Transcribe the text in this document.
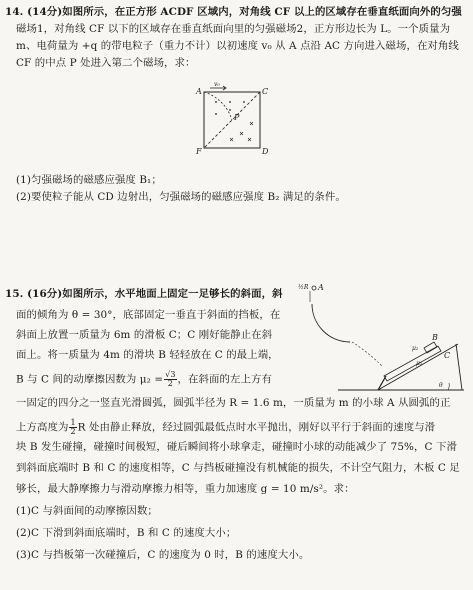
14. (14分)如图所示，在正方形 ACDF 区域内，对角线 CF 以上的区域存在垂直纸面向外的匀强
磁场1，对角线 CF 以下的区域存在垂直纸面向里的匀强磁场2，正方形边长为 L。一个质量为
m、电荷量为 +q 的带电粒子（重力不计）以初速度 v₀ 从 A 点沿 AC 方向进入磁场，在对角线
CF 的中点 P 处进入第二个磁场，求：
A	C
F	D
P
v₀
(1)匀强磁场的磁感应强度 B₁；
(2)要使粒子能从 CD 边射出，匀强磁场的磁感应强度 B₂ 满足的条件。
15. (16分)如图所示，水平地面上固定一足够长的斜面，斜
面的倾角为 θ = 30°，底部固定一垂直于斜面的挡板，在
斜面上放置一质量为 6m 的滑板 C；C 刚好能静止在斜
面上。将一质量为 4m 的滑块 B 轻轻放在 C 的最上端，
B 与 C 间的动摩擦因数为 $\mu_2 = \frac{√3}{2}$ ，在斜面的左上方有
一固定的四分之一竖直光滑圆弧，圆弧半径为 R = 1.6 m，一质量为 m 的小球 A 从圆弧的正
上方高度为 $\frac{1}{2}$ R 处由静止释放，经过圆弧最低点时水平抛出，刚好以平行于斜面的速度与滑
块 B 发生碰撞，碰撞时间极短，碰后瞬间将小球拿走，碰撞时小球的动能减少了 75%，C 下滑
到斜面底端时 B 和 C 的速度相等，C 与挡板碰撞没有机械能的损失，不计空气阻力，木板 C 足
够长，最大静摩擦力与滑动摩擦力相等，重力加速度 g = 10 m/s²。求：
(1)C 与斜面间的动摩擦因数；
(2)C 下滑到斜面底端时，B 和 C 的速度大小；
(3)C 与挡板第一次碰撞后，C 的速度为 0 时，B 的速度大小。
½R A
B
C
μ₂
μ₁
θ
